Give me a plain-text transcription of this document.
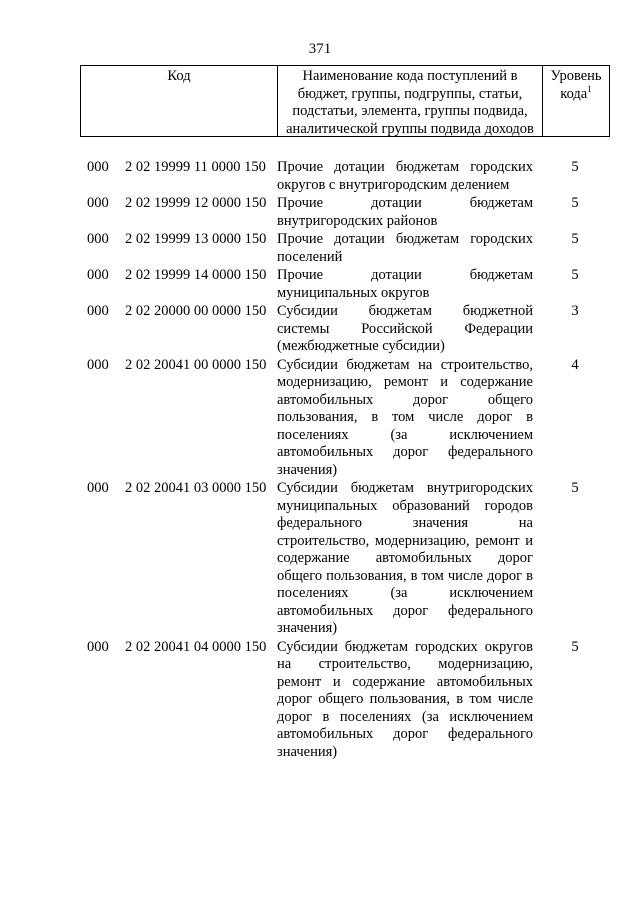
371
Код	Наименование кода поступлений в бюджет, группы, подгруппы, статьи, подстатьи, элемента, группы подвида, аналитической группы подвида доходов
Уровень кода$^1$
000 2 02 19999 11 0000 150 Прочие дотации бюджетам городских округов с внутригородским делением
5
000 2 02 19999 12 0000 150 Прочие дотации бюджетам внутригородских районов
5
000 2 02 19999 13 0000 150 Прочие дотации бюджетам городских поселений
5
000 2 02 19999 14 0000 150 Прочие дотации бюджетам муниципальных округов
5
000 2 02 20000 00 0000 150 Субсидии бюджетам бюджетной системы Российской Федерации (межбюджетные субсидии)
3
000 2 02 20041 00 0000 150 Субсидии бюджетам на строительство, модернизацию, ремонт и содержание автомобильных дорог общего пользования, в том числе дорог в поселениях (за исключением автомобильных дорог федерального значения)
4
000 2 02 20041 03 0000 150 Субсидии бюджетам внутригородских муниципальных образований городов федерального значения на строительство, модернизацию, ремонт и содержание автомобильных дорог общего пользования, в том числе дорог в поселениях (за исключением автомобильных дорог федерального значения)
5
000 2 02 20041 04 0000 150 Субсидии бюджетам городских округов на строительство, модернизацию, ремонт и содержание автомобильных дорог общего пользования, в том числе дорог в поселениях (за исключением автомобильных дорог федерального значения)
5
